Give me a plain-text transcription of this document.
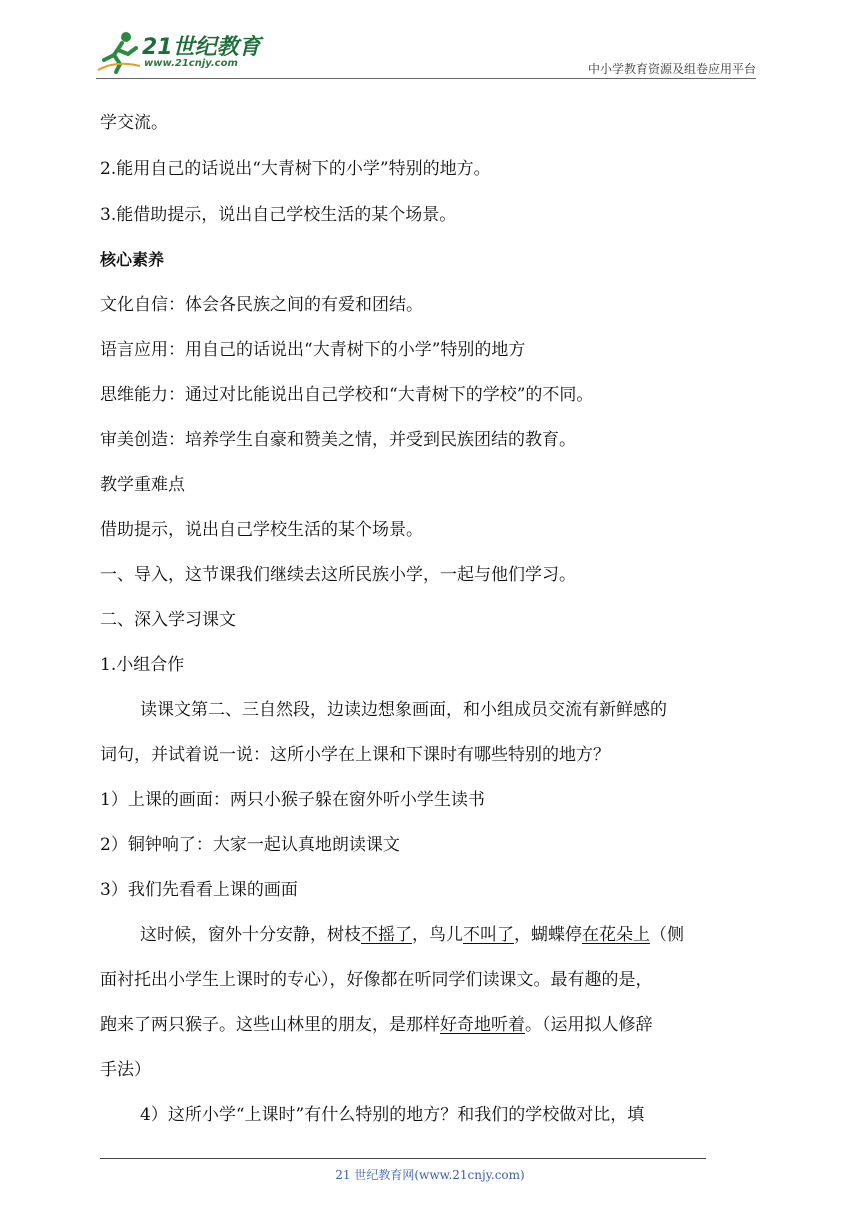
21世纪教育
www.21cnjy.com	中小学教育资源及组卷应用平台
学交流。
2.能用自己的话说出“大青树下的小学”特别的地方。
3.能借助提示，说出自己学校生活的某个场景。
核心素养
文化自信：体会各民族之间的有爱和团结。
语言应用：用自己的话说出“大青树下的小学”特别的地方
思维能力：通过对比能说出自己学校和“大青树下的学校”的不同。
审美创造：培养学生自豪和赞美之情，并受到民族团结的教育。
教学重难点
借助提示，说出自己学校生活的某个场景。
一、导入，这节课我们继续去这所民族小学，一起与他们学习。
二、深入学习课文
1.小组合作
读课文第二、三自然段，边读边想象画面，和小组成员交流有新鲜感的
词句，并试着说一说：这所小学在上课和下课时有哪些特别的地方？
1）上课的画面：两只小猴子躲在窗外听小学生读书
2）铜钟响了：大家一起认真地朗读课文
3）我们先看看上课的画面
这时候，窗外十分安静，树枝不摇了，鸟儿不叫了，蝴蝶停在花朵上（侧
面衬托出小学生上课时的专心），好像都在听同学们读课文。最有趣的是，
跑来了两只猴子。这些山林里的朋友，是那样好奇地听着。（运用拟人修辞
手法）
4）这所小学“上课时”有什么特别的地方？和我们的学校做对比，填
21 世纪教育网(www.21cnjy.com)
